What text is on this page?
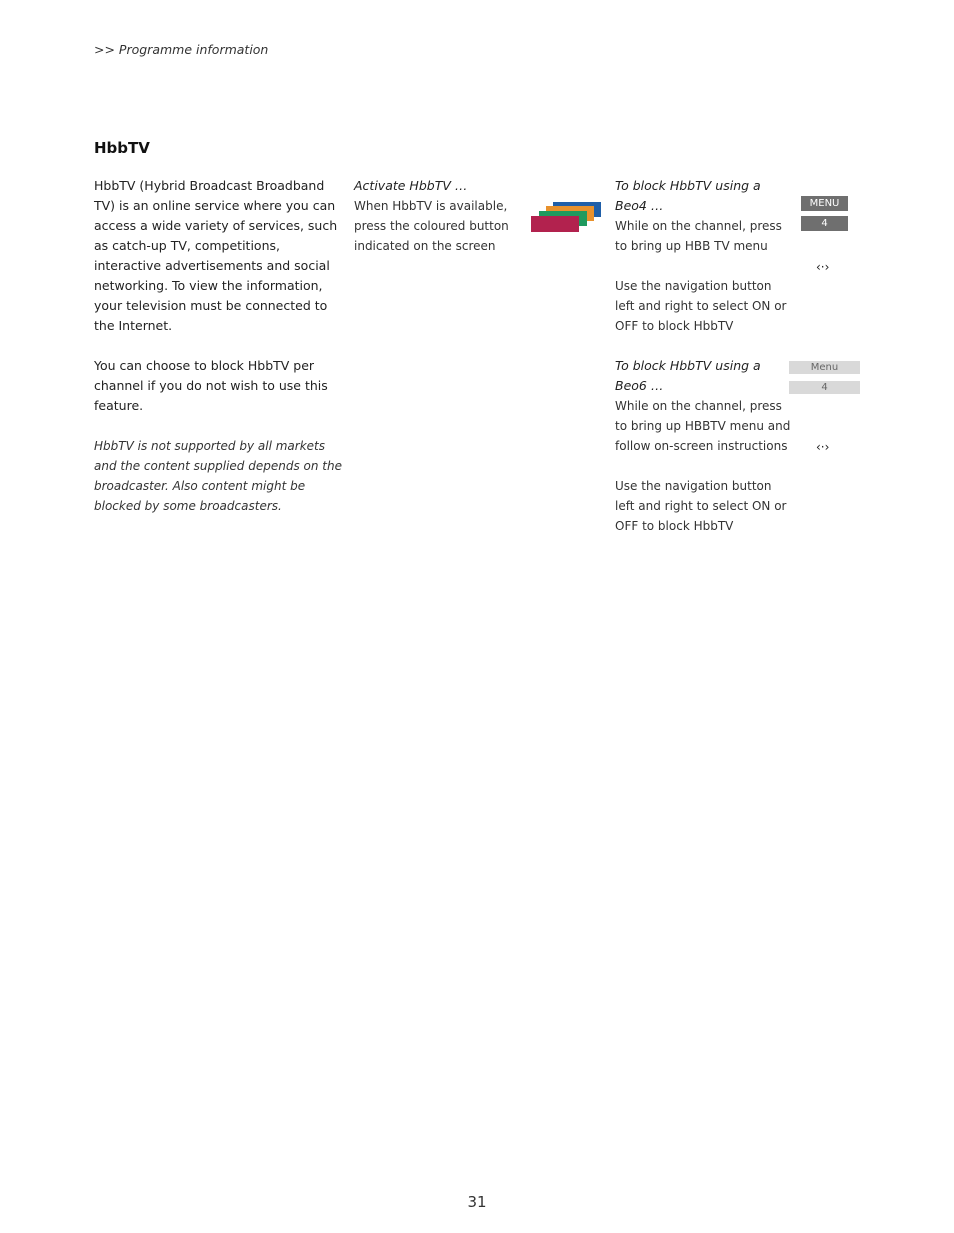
>> Programme information
HbbTV

HbbTV (Hybrid Broadcast Broadband TV) is an online service where you can access a wide variety of services, such as catch-up TV, competitions, interactive advertisements and social networking. To view the information, your television must be connected to the Internet.

You can choose to block HbbTV per channel if you do not wish to use this feature.

HbbTV is not supported by all markets and the content supplied depends on the broadcaster. Also content might be blocked by some broadcasters.

Activate HbbTV …
When HbbTV is available, press the coloured button indicated on the screen
To block HbbTV using a Beo4 …
While on the channel, press to bring up HBB TV menu
Use the navigation button left and right to select ON or OFF to block HbbTV
To block HbbTV using a Beo6 …
While on the channel, press to bring up HBBTV menu and follow on-screen instructions
Use the navigation button left and right to select ON or OFF to block HbbTV
MENU
4
‹·›
Menu
4
‹·›
31
